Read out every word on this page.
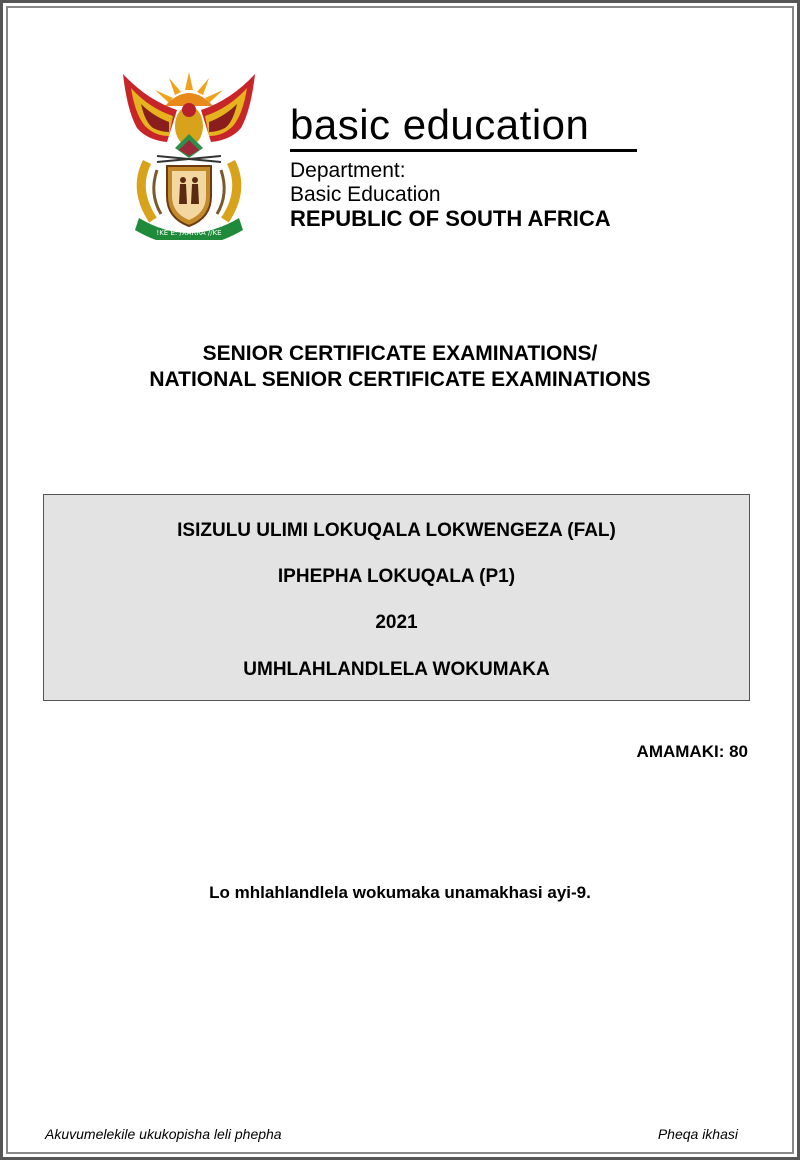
!KE E: /XARRA //KE
basic education
Department:
Basic Education
REPUBLIC OF SOUTH AFRICA
SENIOR CERTIFICATE EXAMINATIONS/
NATIONAL SENIOR CERTIFICATE EXAMINATIONS
ISIZULU ULIMI LOKUQALA LOKWENGEZA (FAL)
IPHEPHA LOKUQALA (P1)
2021
UMHLAHLANDLELA WOKUMAKA
AMAMAKI: 80
Lo mhlahlandlela wokumaka unamakhasi ayi-9.
Akuvumelekile ukukopisha leli phepha	Pheqa ikhasi
